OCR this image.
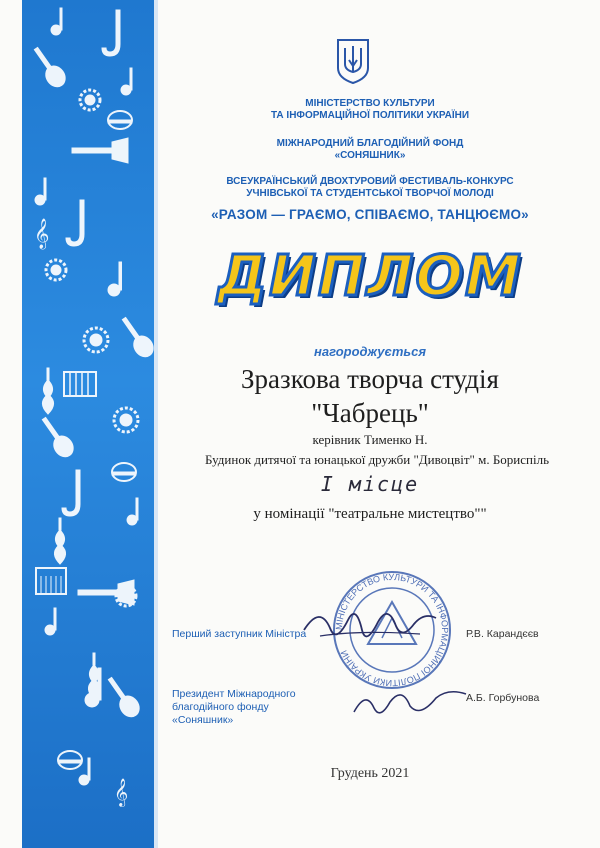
𝄞
𝄞
МІНІСТЕРСТВО КУЛЬТУРИ
ТА ІНФОРМАЦІЙНОЇ ПОЛІТИКИ УКРАЇНИ
МІЖНАРОДНИЙ БЛАГОДІЙНИЙ ФОНД
«СОНЯШНИК»
ВСЕУКРАЇНСЬКИЙ ДВОХТУРОВИЙ ФЕСТИВАЛЬ-КОНКУРС
УЧНІВСЬКОЇ ТА СТУДЕНТСЬКОЇ ТВОРЧОЇ МОЛОДІ
«РАЗОМ — ГРАЄМО, СПІВАЄМО, ТАНЦЮЄМО»
ДИПЛОМ
нагороджується
Зразкова творча студія
"Чабрець"
керівник Тименко Н.
Будинок дитячої та юнацької дружби "Дивоцвіт" м. Бориспіль
I місце
у номінації "театральне мистецтво""
МІНІСТЕРСТВО КУЛЬТУРИ ТА ІНФОРМАЦІЙНОЇ ПОЛІТИКИ УКРАЇНИ
Перший заступник Міністра	Р.В. Карандєєв
Президент Міжнародного
благодійного фонду
«Соняшник»
А.Б. Горбунова
Грудень 2021
